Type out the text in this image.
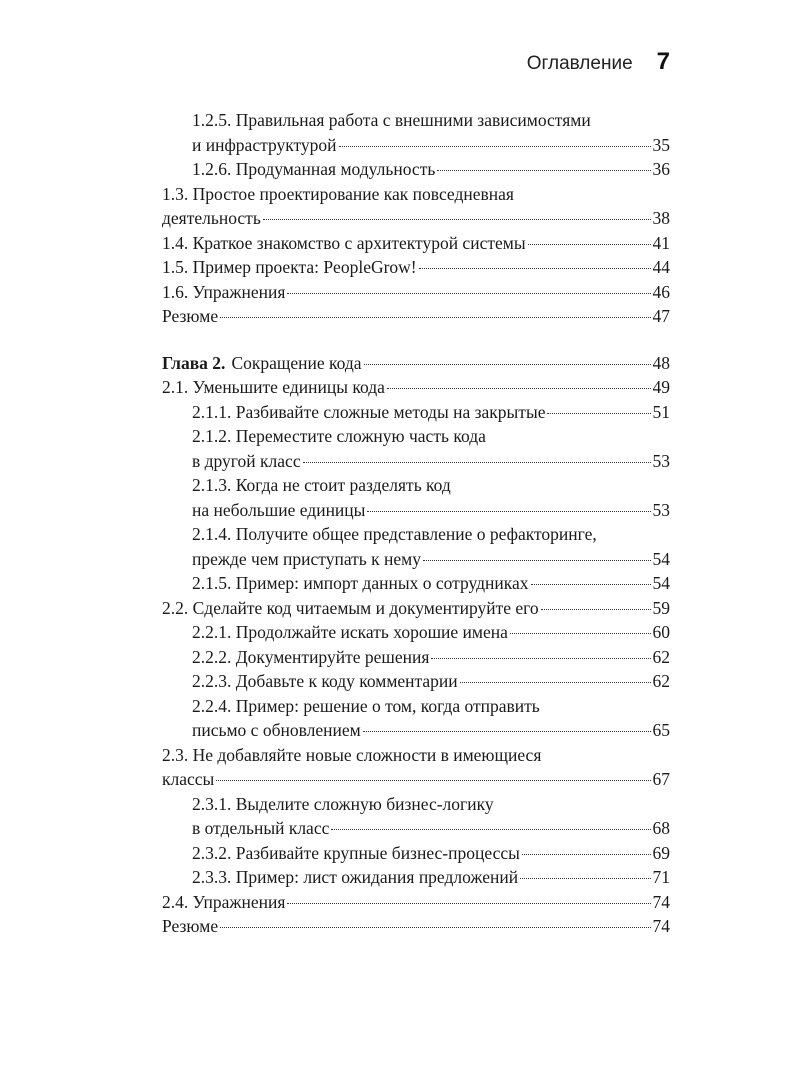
Оглавление 7
1.2.5. Правильная работа с внешними зависимостями
и инфраструктурой	35
1.2.6. Продуманная модульность	36
1.3. Простое проектирование как повседневная
деятельность	38
1.4. Краткое знакомство с архитектурой системы	41
1.5. Пример проекта: PeopleGrow!	44
1.6. Упражнения	46
Резюме	47
Глава 2. Сокращение кода	48
2.1. Уменьшите единицы кода	49
2.1.1. Разбивайте сложные методы на закрытые	51
2.1.2. Переместите сложную часть кода
в другой класс	53
2.1.3. Когда не стоит разделять код
на небольшие единицы	53
2.1.4. Получите общее представление о рефакторинге,
прежде чем приступать к нему	54
2.1.5. Пример: импорт данных о сотрудниках	54
2.2. Сделайте код читаемым и документируйте его	59
2.2.1. Продолжайте искать хорошие имена	60
2.2.2. Документируйте решения	62
2.2.3. Добавьте к коду комментарии	62
2.2.4. Пример: решение о том, когда отправить
письмо с обновлением	65
2.3. Не добавляйте новые сложности в имеющиеся
классы	67
2.3.1. Выделите сложную бизнес-логику
в отдельный класс	68
2.3.2. Разбивайте крупные бизнес-процессы	69
2.3.3. Пример: лист ожидания предложений	71
2.4. Упражнения	74
Резюме	74
